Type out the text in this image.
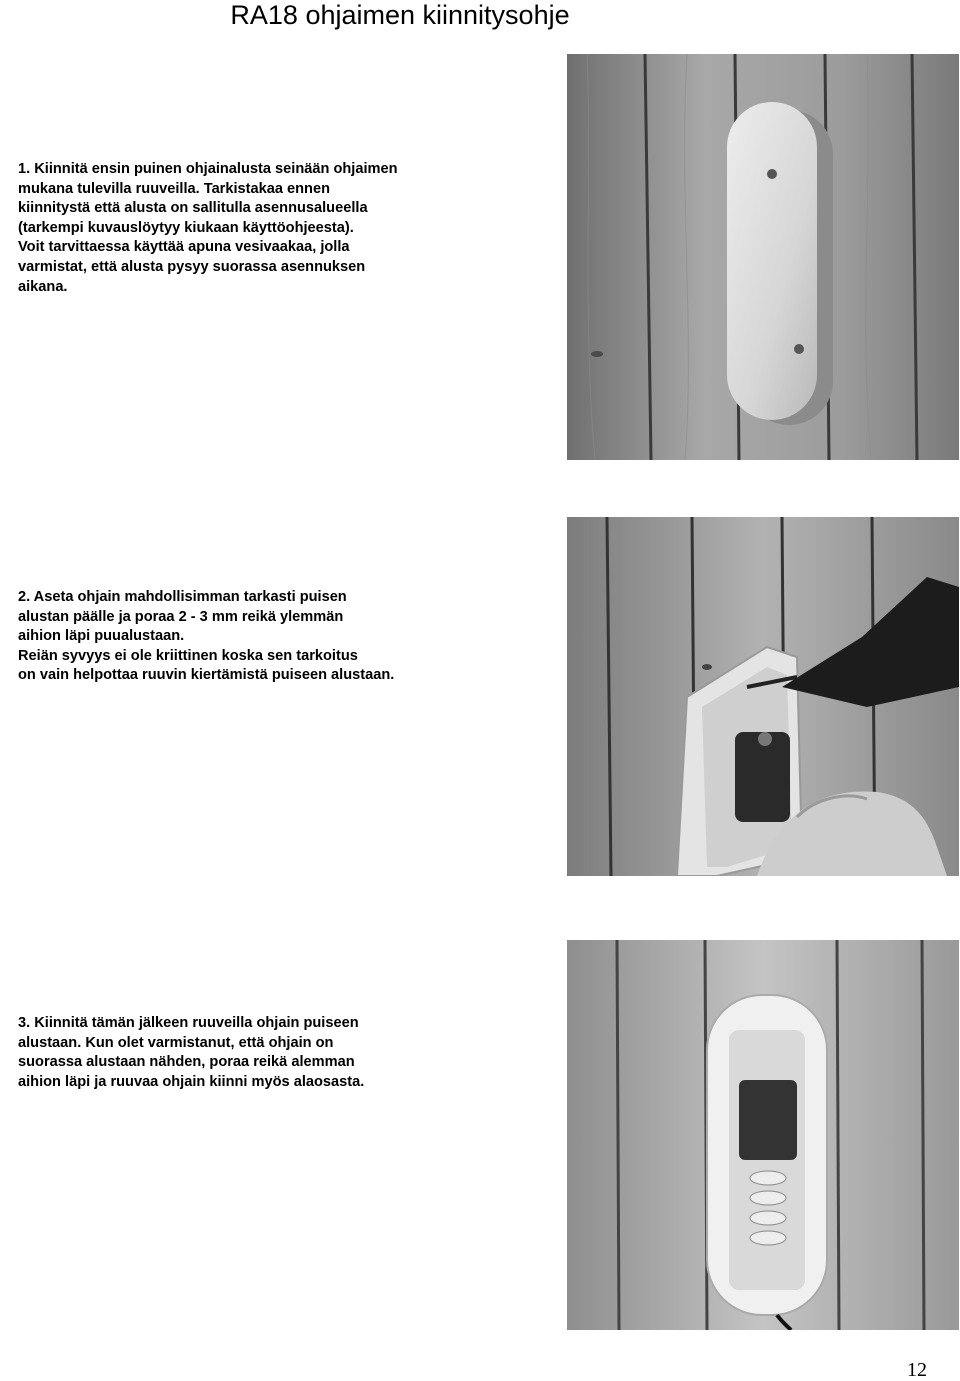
RA18 ohjaimen kiinnitysohje
1. Kiinnitä ensin puinen ohjainalusta seinään ohjaimen
mukana tulevilla ruuveilla. Tarkistakaa ennen
kiinnitystä että alusta on sallitulla asennusalueella
(tarkempi kuvauslöytyy kiukaan käyttöohjeesta).
Voit tarvittaessa käyttää apuna vesivaakaa, jolla
varmistat, että alusta pysyy suorassa asennuksen
aikana.
2. Aseta ohjain mahdollisimman tarkasti puisen
alustan päälle ja poraa 2 - 3 mm reikä ylemmän
aihion läpi puualustaan.
Reiän syvyys ei ole kriittinen koska sen tarkoitus
on vain helpottaa ruuvin kiertämistä puiseen alustaan.
3. Kiinnitä tämän jälkeen ruuveilla ohjain puiseen
alustaan. Kun olet varmistanut, että ohjain on
suorassa alustaan nähden, poraa reikä alemman
aihion läpi ja ruuvaa ohjain kiinni myös alaosasta.
12
